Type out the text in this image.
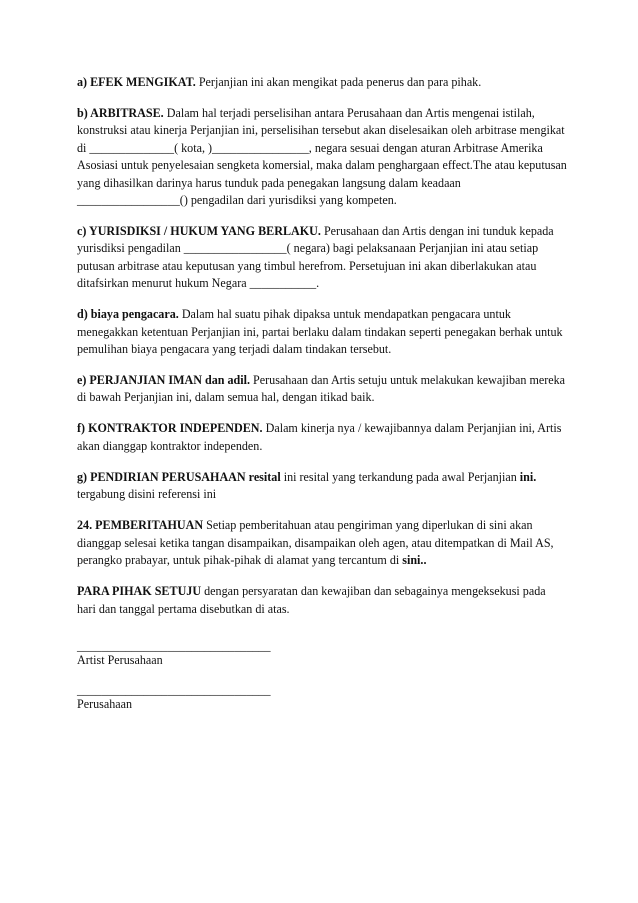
a) EFEK MENGIKAT. Perjanjian ini akan mengikat pada penerus dan para pihak.

b) ARBITRASE. Dalam hal terjadi perselisihan antara Perusahaan dan Artis mengenai istilah, konstruksi atau kinerja Perjanjian ini, perselisihan tersebut akan diselesaikan oleh arbitrase mengikat di ______________( kota, )________________, negara sesuai dengan aturan Arbitrase Amerika Asosiasi untuk penyelesaian sengketa komersial, maka dalam penghargaan effect.The atau keputusan yang dihasilkan darinya harus tunduk pada penegakan langsung dalam keadaan _________________() pengadilan dari yurisdiksi yang kompeten.

c) YURISDIKSI / HUKUM YANG BERLAKU. Perusahaan dan Artis dengan ini tunduk kepada yurisdiksi pengadilan _________________( negara) bagi pelaksanaan Perjanjian ini atau setiap putusan arbitrase atau keputusan yang timbul herefrom. Persetujuan ini akan diberlakukan atau ditafsirkan menurut hukum Negara ___________.

d) biaya pengacara. Dalam hal suatu pihak dipaksa untuk mendapatkan pengacara untuk menegakkan ketentuan Perjanjian ini, partai berlaku dalam tindakan seperti penegakan berhak untuk pemulihan biaya pengacara yang terjadi dalam tindakan tersebut.

e) PERJANJIAN IMAN dan adil. Perusahaan dan Artis setuju untuk melakukan kewajiban mereka di bawah Perjanjian ini, dalam semua hal, dengan itikad baik.

f) KONTRAKTOR INDEPENDEN. Dalam kinerja nya / kewajibannya dalam Perjanjian ini, Artis akan dianggap kontraktor independen.

g) PENDIRIAN PERUSAHAAN resital ini resital yang terkandung pada awal Perjanjian ini. tergabung disini referensi ini

24. PEMBERITAHUAN Setiap pemberitahuan atau pengiriman yang diperlukan di sini akan dianggap selesai ketika tangan disampaikan, disampaikan oleh agen, atau ditempatkan di Mail AS, perangko prabayar, untuk pihak-pihak di alamat yang tercantum di sini..

PARA PIHAK SETUJU dengan persyaratan dan kewajiban dan sebagainya mengeksekusi pada hari dan tanggal pertama disebutkan di atas.

________________________________
Artist Perusahaan
________________________________
Perusahaan
